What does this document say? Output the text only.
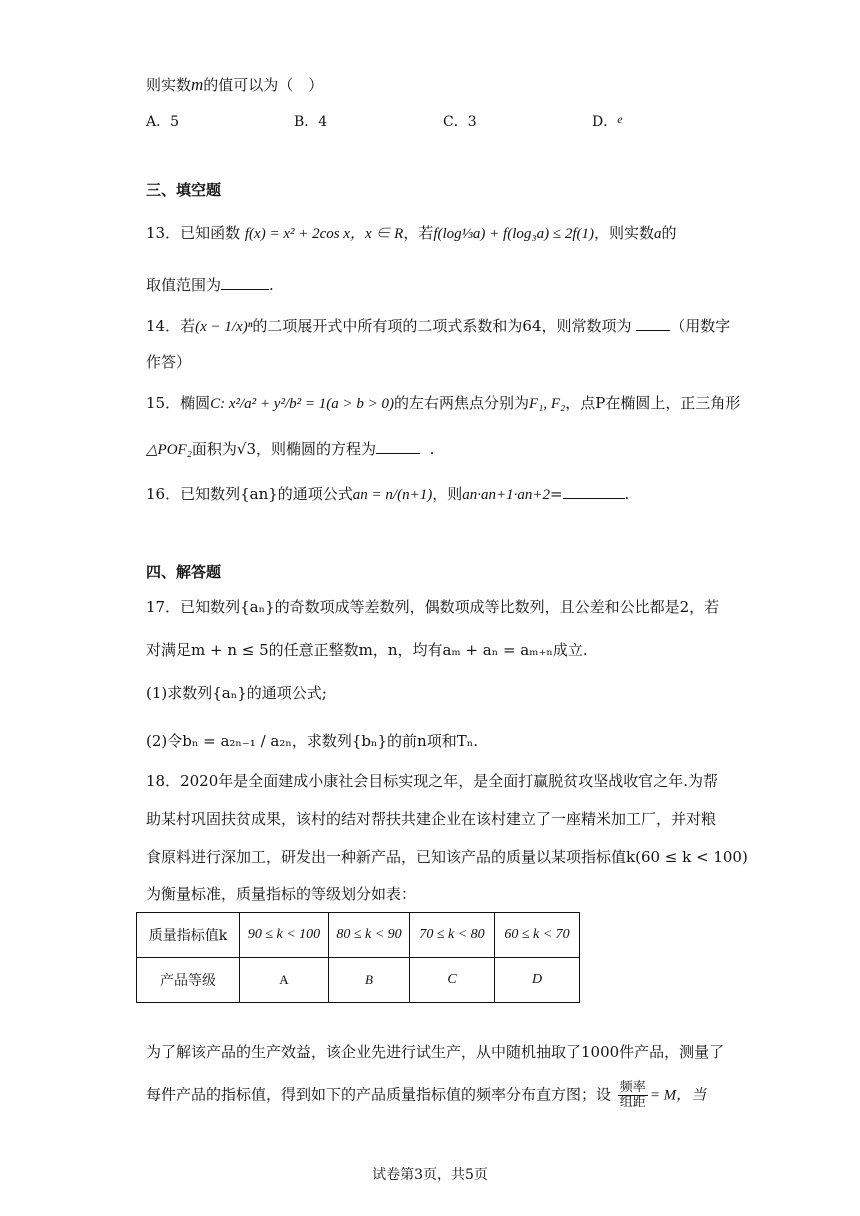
则实数m的值可以为（　）
A．5	B．4	C．3	D．e
三、填空题
13．已知函数 f(x) = x² + 2cos x，x ∈ R，若f(log⅓a) + f(log₃a) ≤ 2f(1)，则实数a的
取值范围为	.
14．若(x − 1/x)ⁿ的二项展开式中所有项的二项式系数和为64，则常数项为	（用数字
作答）
15．椭圆C: x²/a² + y²/b² = 1(a > b > 0)的左右两焦点分别为F₁, F₂，点P在椭圆上，正三角形
△POF₂面积为√3，则椭圆的方程为	.
16．已知数列{an}的通项公式an = n/(n+1)，则an·an+1·an+2=	.
四、解答题
17．已知数列{aₙ}的奇数项成等差数列，偶数项成等比数列，且公差和公比都是2，若
对满足m + n ≤ 5的任意正整数m，n，均有aₘ + aₙ = aₘ₊ₙ成立.
(1)求数列{aₙ}的通项公式;
(2)令bₙ = a₂ₙ₋₁ / a₂ₙ，求数列{bₙ}的前n项和Tₙ.
18．2020年是全面建成小康社会目标实现之年，是全面打赢脱贫攻坚战收官之年.为帮
助某村巩固扶贫成果，该村的结对帮扶共建企业在该村建立了一座精米加工厂，并对粮
食原料进行深加工，研发出一种新产品，已知该产品的质量以某项指标值k(60 ≤ k < 100)
为衡量标准，质量指标的等级划分如表：
质量指标值k	90 ≤ k < 100	80 ≤ k < 90	70 ≤ k < 80	60 ≤ k < 70
产品等级	A	B	C	D
为了解该产品的生产效益，该企业先进行试生产，从中随机抽取了1000件产品，测量了
每件产品的指标值，得到如下的产品质量指标值的频率分布直方图；设 $\frac{\text{频率}}{\text{组距}} = M$，当
试卷第3页，共5页
